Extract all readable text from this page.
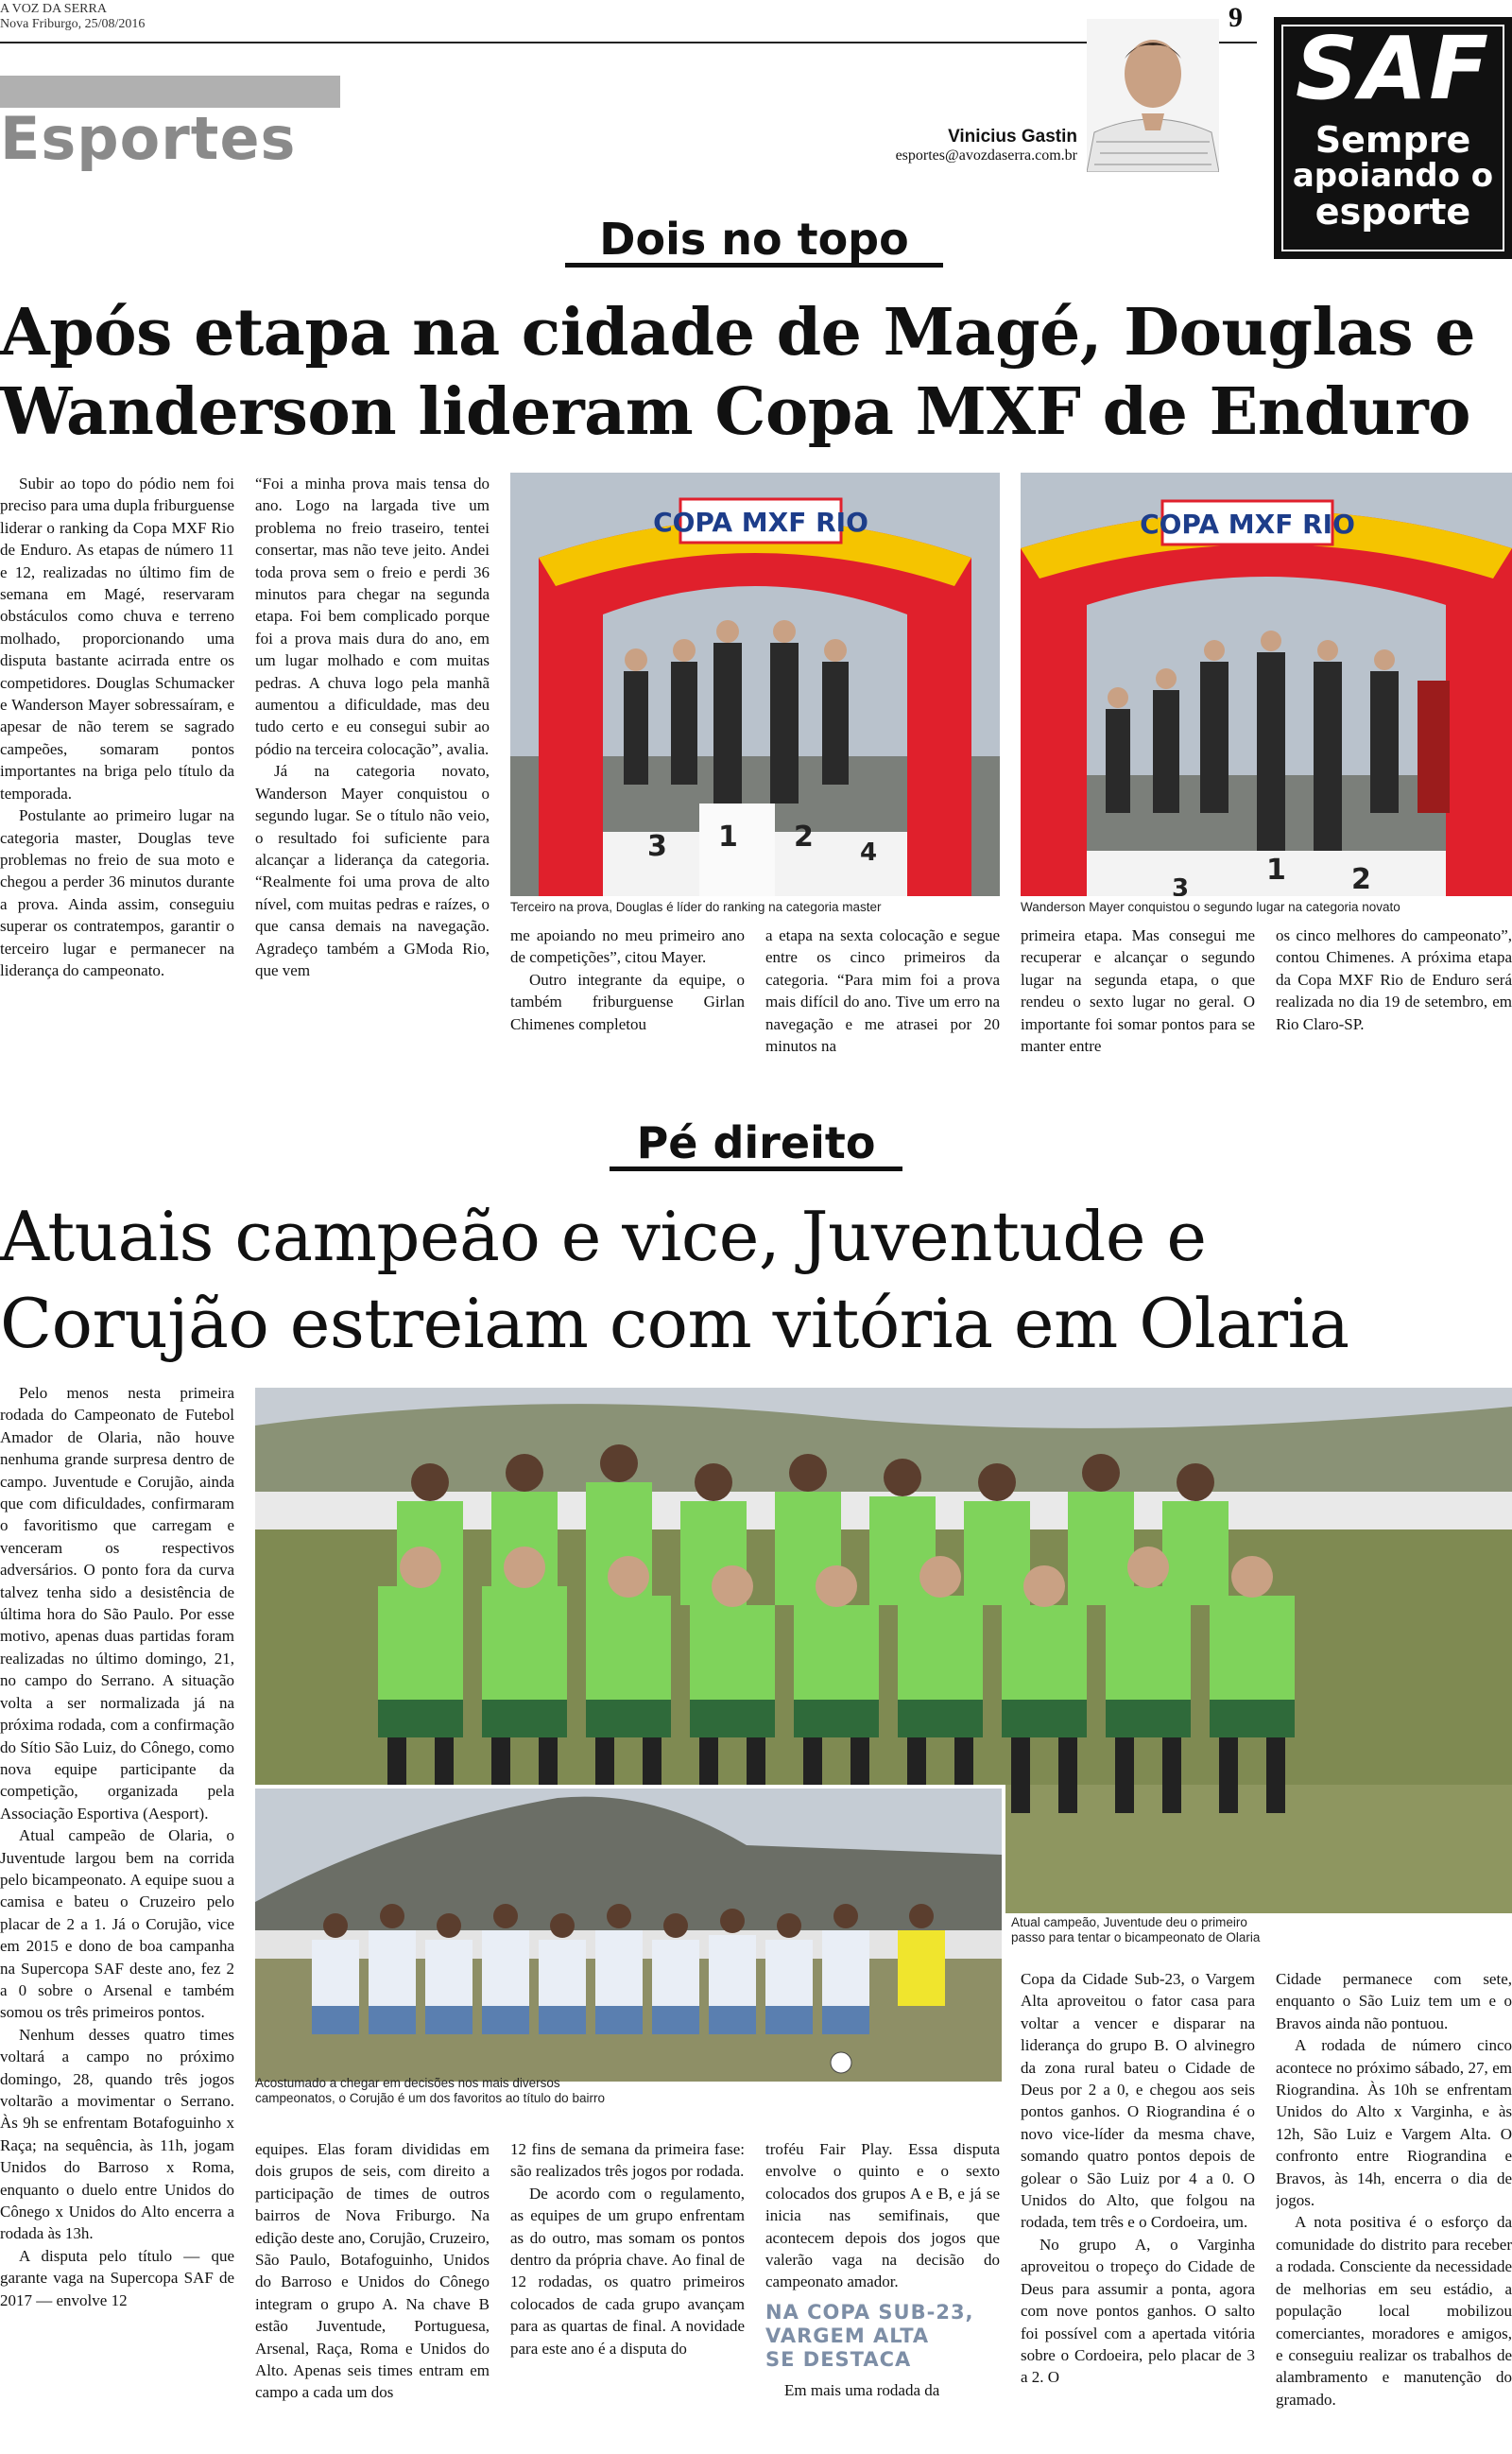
A VOZ DA SERRA
Nova Friburgo, 25/08/2016	9
Esportes	Vinicius Gastin
esportes@avozdaserra.com.br
SAF
Sempre
apoiando o
esporte
Dois no topo
Após etapa na cidade de Magé, Douglas e
Wanderson lideram Copa MXF de Enduro

Subir ao topo do pódio nem foi preciso para uma dupla friburguense liderar o ranking da Copa MXF Rio de Enduro. As etapas de número 11 e 12, realizadas no último fim de semana em Magé, reservaram obstáculos como chuva e terreno molhado, proporcionando uma disputa bastante acirrada entre os competidores. Douglas Schumacker e Wanderson Mayer sobressaíram, e apesar de não terem se sagrado campeões, somaram pontos importantes na briga pelo título da temporada.

Postulante ao primeiro lugar na categoria master, Douglas teve problemas no freio de sua moto e chegou a perder 36 minutos durante a prova. Ainda assim, conseguiu superar os contratempos, garantir o terceiro lugar e permanecer na liderança do campeonato.

“Foi a minha prova mais tensa do ano. Logo na largada tive um problema no freio traseiro, tentei consertar, mas não teve jeito. Andei toda prova sem o freio e perdi 36 minutos para chegar na segunda etapa. Foi bem complicado porque foi a prova mais dura do ano, em um lugar molhado e com muitas pedras. A chuva logo pela manhã aumentou a dificuldade, mas deu tudo certo e eu consegui subir ao pódio na terceira colocação”, avalia.

Já na categoria novato, Wanderson Mayer conquistou o segundo lugar. Se o título não veio, o resultado foi suficiente para alcançar a liderança da categoria. “Realmente foi uma prova de alto nível, com muitas pedras e raízes, o que cansa demais na navegação. Agradeço também a GModa Rio, que vem

COPA MXF RIO
1 2
3	4
Terceiro na prova, Douglas é líder do ranking na categoria master
COPA MXF RIO
1 2
3
Wanderson Mayer conquistou o segundo lugar na categoria novato

me apoiando no meu primeiro ano de competições”, citou Mayer.

Outro integrante da equipe, o também friburguense Girlan Chimenes completou

a etapa na sexta colocação e segue entre os cinco primeiros da categoria. “Para mim foi a prova mais difícil do ano. Tive um erro na navegação e me atrasei por 20 minutos na

primeira etapa. Mas consegui me recuperar e alcançar o segundo lugar na segunda etapa, o que rendeu o sexto lugar no geral. O importante foi somar pontos para se manter entre

os cinco melhores do campeonato”, contou Chimenes. A próxima etapa da Copa MXF Rio de Enduro será realizada no dia 19 de setembro, em Rio Claro-SP.

Pé direito
Atuais campeão e vice, Juventude e
Corujão estreiam com vitória em Olaria

Pelo menos nesta primeira rodada do Campeonato de Futebol Amador de Olaria, não houve nenhuma grande surpresa dentro de campo. Juventude e Corujão, ainda que com dificuldades, confirmaram o favoritismo que carregam e venceram os respectivos adversários. O ponto fora da curva talvez tenha sido a desistência de última hora do São Paulo. Por esse motivo, apenas duas partidas foram realizadas no último domingo, 21, no campo do Serrano. A situação volta a ser normalizada já na próxima rodada, com a confirmação do Sítio São Luiz, do Cônego, como nova equipe participante da competição, organizada pela Associação Esportiva (Aesport).

Atual campeão de Olaria, o Juventude largou bem na corrida pelo bicampeonato. A equipe suou a camisa e bateu o Cruzeiro pelo placar de 2 a 1. Já o Corujão, vice em 2015 e dono de boa campanha na Supercopa SAF deste ano, fez 2 a 0 sobre o Arsenal e também somou os três primeiros pontos.

Nenhum desses quatro times voltará a campo no próximo domingo, 28, quando três jogos voltarão a movimentar o Serrano. Às 9h se enfrentam Botafoguinho x Raça; na sequência, às 11h, jogam Unidos do Barroso x Roma, enquanto o duelo entre Unidos do Cônego x Unidos do Alto encerra a rodada às 13h.

A disputa pelo título — que garante vaga na Supercopa SAF de 2017 — envolve 12

Atual campeão, Juventude deu o primeiro
passo para tentar o bicampeonato de Olaria
Acostumado a chegar em decisões nos mais diversos
campeonatos, o Corujão é um dos favoritos ao título do bairro

equipes. Elas foram divididas em dois grupos de seis, com direito a participação de times de outros bairros de Nova Friburgo. Na edição deste ano, Corujão, Cruzeiro, São Paulo, Botafoguinho, Unidos do Barroso e Unidos do Cônego integram o grupo A. Na chave B estão Juventude, Portuguesa, Arsenal, Raça, Roma e Unidos do Alto. Apenas seis times entram em campo a cada um dos

12 fins de semana da primeira fase: são realizados três jogos por rodada.

De acordo com o regulamento, as equipes de um grupo enfrentam as do outro, mas somam os pontos dentro da própria chave. Ao final de 12 rodadas, os quatro primeiros colocados de cada grupo avançam para as quartas de final. A novidade para este ano é a disputa do

troféu Fair Play. Essa disputa envolve o quinto e o sexto colocados dos grupos A e B, e já se inicia nas semifinais, que acontecem depois dos jogos que valerão vaga na decisão do campeonato amador.

NA COPA SUB-23,
VARGEM ALTA
SE DESTACA

Em mais uma rodada da

Copa da Cidade Sub-23, o Vargem Alta aproveitou o fator casa para voltar a vencer e disparar na liderança do grupo B. O alvinegro da zona rural bateu o Cidade de Deus por 2 a 0, e chegou aos seis pontos ganhos. O Riograndina é o novo vice-líder da mesma chave, somando quatro pontos depois de golear o São Luiz por 4 a 0. O Unidos do Alto, que folgou na rodada, tem três e o Cordoeira, um.

No grupo A, o Varginha aproveitou o tropeço do Cidade de Deus para assumir a ponta, agora com nove pontos ganhos. O salto foi possível com a apertada vitória sobre o Cordoeira, pelo placar de 3 a 2. O

Cidade permanece com sete, enquanto o São Luiz tem um e o Bravos ainda não pontuou.

A rodada de número cinco acontece no próximo sábado, 27, em Riograndina. Às 10h se enfrentam Unidos do Alto x Varginha, e às 12h, São Luiz e Vargem Alta. O confronto entre Riograndina e Bravos, às 14h, encerra o dia de jogos.

A nota positiva é o esforço da comunidade do distrito para receber a rodada. Consciente da necessidade de melhorias em seu estádio, a população local mobilizou comerciantes, moradores e amigos, e conseguiu realizar os trabalhos de alambramento e manutenção do gramado.
